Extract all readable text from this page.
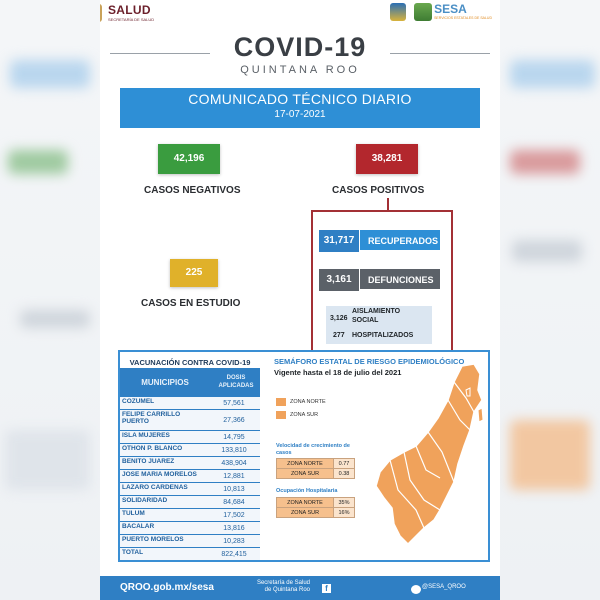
SALUD
SECRETARÍA DE SALUD
SESA
SERVICIOS ESTATALES DE SALUD
COVID-19
QUINTANA ROO
COMUNICADO TÉCNICO DIARIO
17-07-2021
42,196
CASOS NEGATIVOS
38,281
CASOS POSITIVOS
225
CASOS EN ESTUDIO
31,717	RECUPERADOS
3,161	DEFUNCIONES
3,126
AISLAMIENTO
SOCIAL
277 HOSPITALIZADOS
VACUNACIÓN CONTRA COVID-19
MUNICIPIOS	DOSIS
APLICADAS
SEMÁFORO ESTATAL DE RIESGO EPIDEMIOLÓGICO
Vigente hasta el 18 de julio del 2021
ZONA NORTE
ZONA SUR
Velocidad de crecimiento de casos
ZONA NORTE	0.77
ZONA SUR	0.38
Ocupación Hospitalaria
ZONA NORTE	35%
ZONA SUR	16%
QROO.gob.mx/sesa	Secretaría de Salud
de Quintana Roo	@SESA_QROO
f
COZUMEL	57,561
FELIPE CARRILLO PUERTO	27,366
ISLA MUJERES	14,795
OTHON P. BLANCO	133,810
BENITO JUAREZ	438,904
JOSE MARIA MORELOS	12,881
LAZARO CARDENAS	10,813
SOLIDARIDAD	84,684
TULUM	17,502
BACALAR	13,816
PUERTO MORELOS	10,283
TOTAL	822,415
